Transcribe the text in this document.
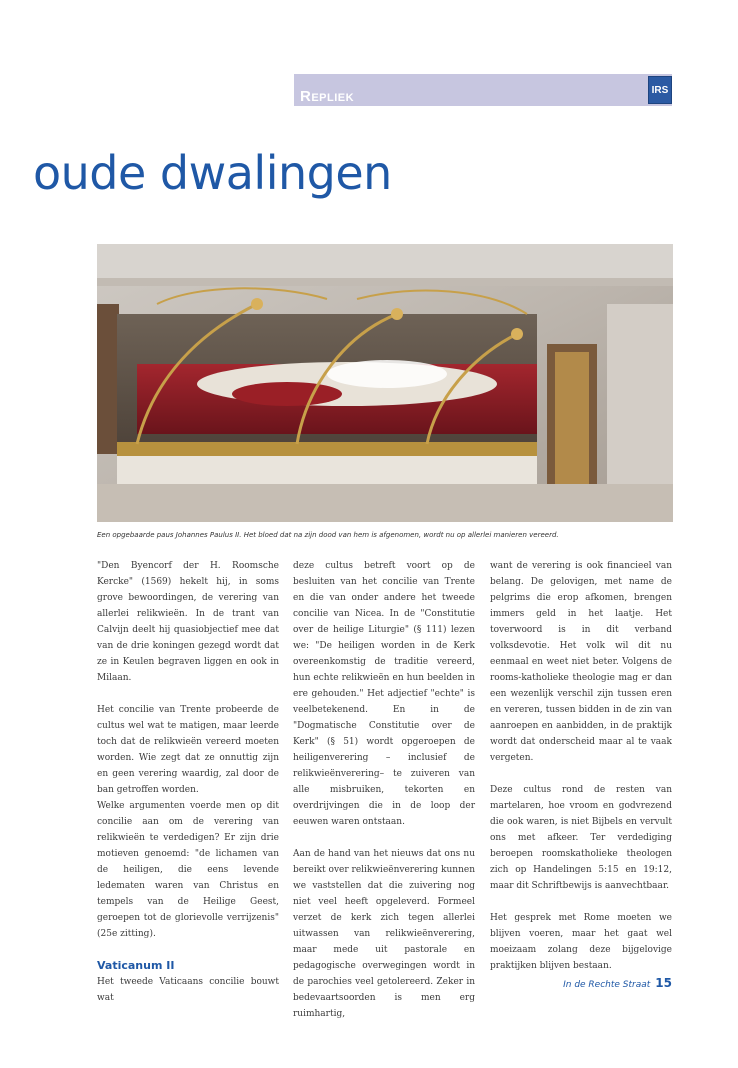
Repliek	IRS
oude dwalingen
Een opgebaarde paus Johannes Paulus II. Het bloed dat na zijn dood van hem is afgenomen, wordt nu op allerlei manieren vereerd.

"Den Byencorf der H. Roomsche Kercke" (1569) hekelt hij, in soms grove bewoordingen, de verering van allerlei relikwieën. In de trant van Calvijn deelt hij quasiobjectief mee dat van de drie koningen gezegd wordt dat ze in Keulen begraven liggen en ook in Milaan.

Het concilie van Trente probeerde de cultus wel wat te matigen, maar leerde toch dat de relikwieën vereerd moeten worden. Wie zegt dat ze onnuttig zijn en geen verering waardig, zal door de ban getroffen worden.

Welke argumenten voerde men op dit concilie aan om de verering van relikwieën te verdedigen? Er zijn drie motieven genoemd: "de lichamen van de heiligen, die eens levende ledematen waren van Christus en tempels van de Heilige Geest, geroepen tot de glorievolle verrijzenis" (25e zitting).

Vaticanum II

Het tweede Vaticaans concilie bouwt wat

deze cultus betreft voort op de besluiten van het concilie van Trente en die van onder andere het tweede concilie van Nicea. In de "Constitutie over de heilige Liturgie" (§ 111) lezen we: "De heiligen worden in de Kerk overeenkomstig de traditie vereerd, hun echte relikwieën en hun beelden in ere gehouden." Het adjectief "echte" is veelbetekenend. En in de "Dogmatische Constitutie over de Kerk" (§ 51) wordt opgeroepen de heiligenverering – inclusief de relikwieënverering– te zuiveren van alle misbruiken, tekorten en overdrijvingen die in de loop der eeuwen waren ontstaan.

Aan de hand van het nieuws dat ons nu bereikt over relikwieënverering kunnen we vaststellen dat die zuivering nog niet veel heeft opgeleverd. Formeel verzet de kerk zich tegen allerlei uitwassen van relikwieënverering, maar mede uit pastorale en pedagogische overwegingen wordt in de parochies veel getolereerd. Zeker in bedevaartsoorden is men erg ruimhartig,

want de verering is ook financieel van belang. De gelovigen, met name de pelgrims die erop afkomen, brengen immers geld in het laatje. Het toverwoord is in dit verband volksdevotie. Het volk wil dit nu eenmaal en weet niet beter. Volgens de rooms-katholieke theologie mag er dan een wezenlijk verschil zijn tussen eren en vereren, tussen bidden in de zin van aanroepen en aanbidden, in de praktijk wordt dat onderscheid maar al te vaak vergeten.

Deze cultus rond de resten van martelaren, hoe vroom en godvrezend die ook waren, is niet Bijbels en vervult ons met afkeer. Ter verdediging beroepen roomskatholieke theologen zich op Handelingen 5:15 en 19:12, maar dit Schriftbewijs is aanvechtbaar.

Het gesprek met Rome moeten we blijven voeren, maar het gaat wel moeizaam zolang deze bijgelovige praktijken blijven bestaan.

In de Rechte Straat 15
